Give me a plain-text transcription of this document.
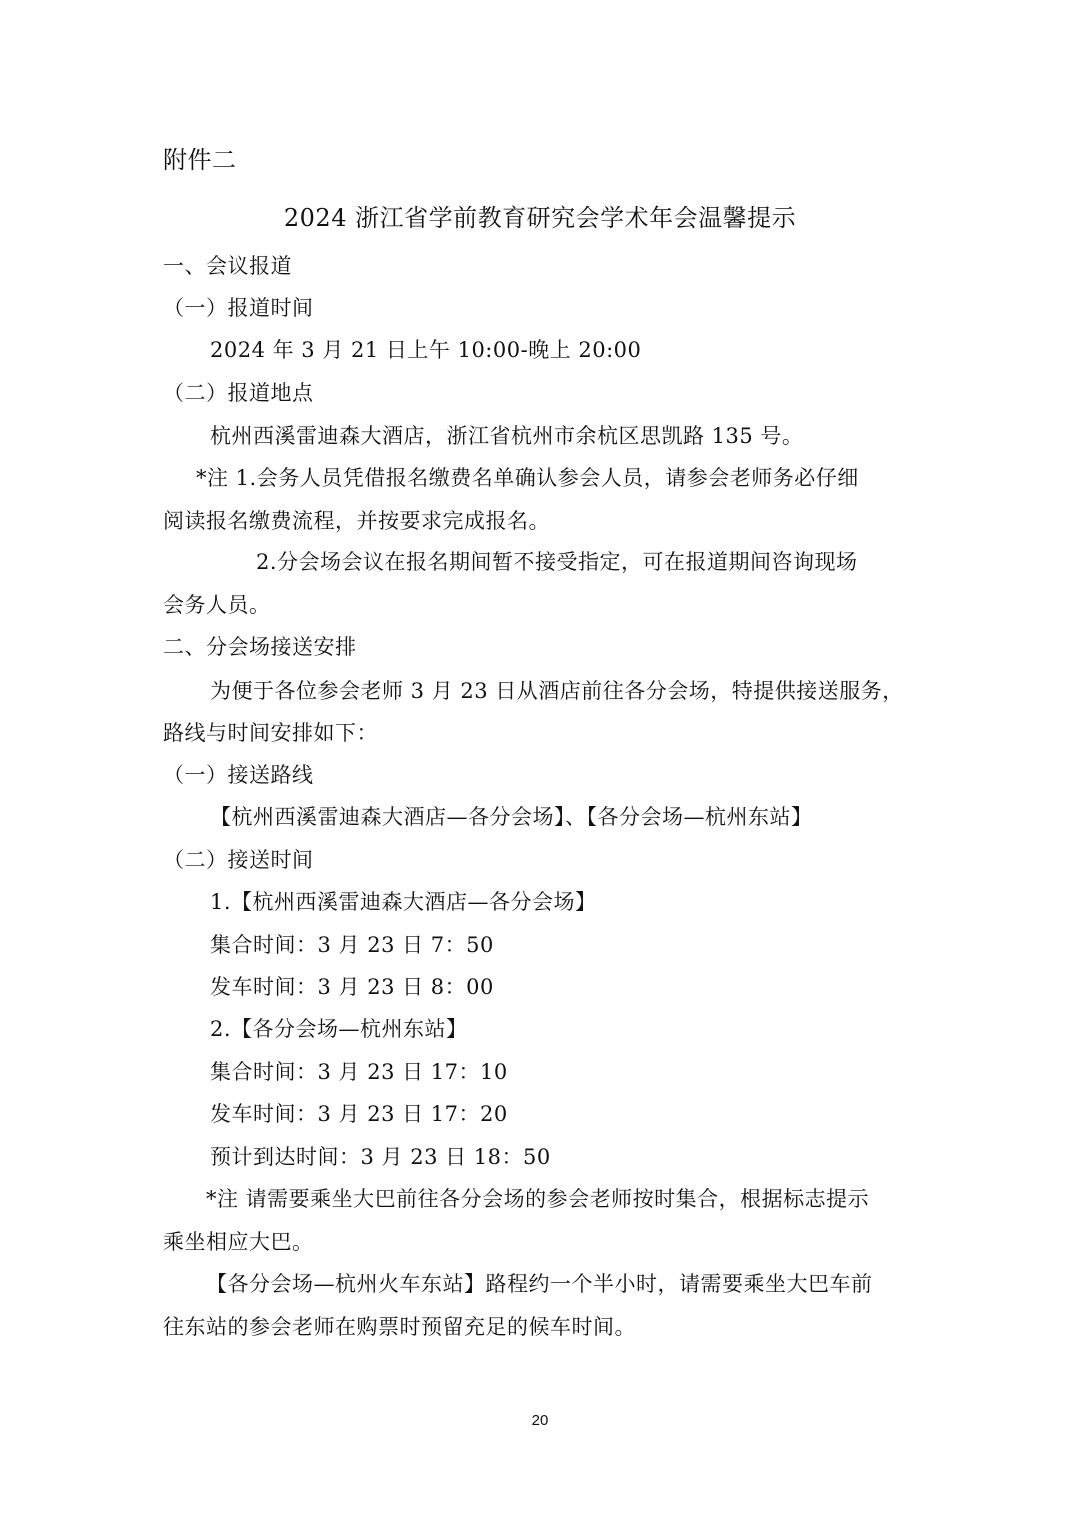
附件二
2024 浙江省学前教育研究会学术年会温馨提示
一、会议报道
（一）报道时间
2024 年 3 月 21 日上午 10:00-晚上 20:00
（二）报道地点
杭州西溪雷迪森大酒店，浙江省杭州市余杭区思凯路 135 号。
*注 1.会务人员凭借报名缴费名单确认参会人员，请参会老师务必仔细
阅读报名缴费流程，并按要求完成报名。
2.分会场会议在报名期间暂不接受指定，可在报道期间咨询现场
会务人员。
二、分会场接送安排
为便于各位参会老师 3 月 23 日从酒店前往各分会场，特提供接送服务，
路线与时间安排如下：
（一）接送路线
【杭州西溪雷迪森大酒店—各分会场】、【各分会场—杭州东站】
（二）接送时间
1.【杭州西溪雷迪森大酒店—各分会场】
集合时间：3 月 23 日 7：50
发车时间：3 月 23 日 8：00
2.【各分会场—杭州东站】
集合时间：3 月 23 日 17：10
发车时间：3 月 23 日 17：20
预计到达时间：3 月 23 日 18：50
*注 请需要乘坐大巴前往各分会场的参会老师按时集合，根据标志提示
乘坐相应大巴。
【各分会场—杭州火车东站】路程约一个半小时，请需要乘坐大巴车前
往东站的参会老师在购票时预留充足的候车时间。
20
